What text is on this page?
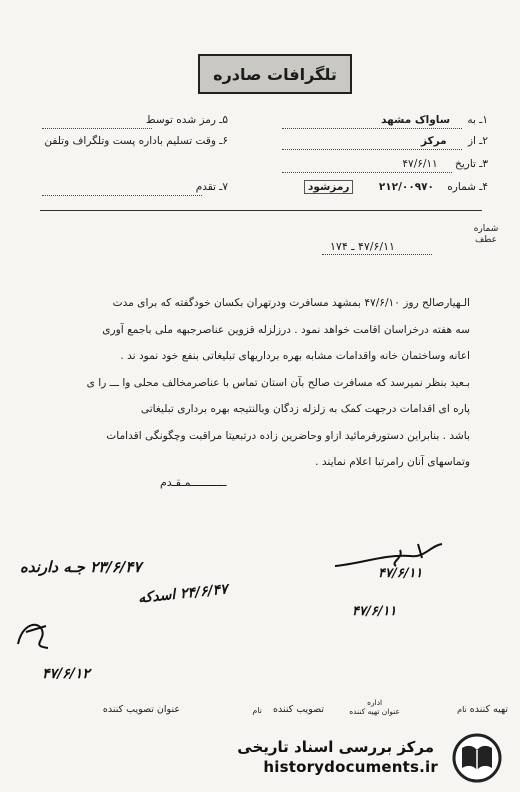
تلگرافات صادره
۱ـ به ساواک مشهد
۲ـ از مرکز
۳ـ تاریخ ۴۷/۶/۱۱
۴ـ شماره ۲۱۲/۰۰۹۷۰
۵ـ رمز شده توسط
۶ـ وقت تسلیم باداره پست وتلگراف وتلفن
۷ـ تقدم	رمزشود
شماره عطف
۴۷/۶/۱۱ ـ ۱۷۴
الـهیارصالح روز ۴۷/۶/۱۰ بمشهد مسافرت ودرتهران بکسان خودگفته که برای مدت
سه هفته درخراسان اقامت خواهد نمود . درزلزله قزوین عناصرجبهه ملی باجمع آوری
اعانه وساختمان خانه واقدامات مشابه بهره برداریهای تبلیغاتی بنفع خود نمود ند .
بـعید بنظر نمیرسد که مسافرت صالح بآن استان تماس با عناصرمخالف محلی وا ـــ را ی
پاره ای اقدامات درجهت کمک به زلزله زدگان وبالنتیجه بهره برداری تبلیغاتی
باشد . بنابراین دستورفرمائید ازاو وحاضرین زاده درتبعیتا مراقبت وچگونگی اقدامات
وتماسهای آنان رامرتبا اعلام نمایند .
ـــــــــــمـقـدم
۴۷/۶/۱۱
۴۷/۶/۱۱
۲۳/۶/۴۷ جـه دارنده
۲۴/۶/۴۷ اسدکه
۴۷/۶/۱۲
تهیه کننده نام
اداره
عنوان تهیه کننده
تصویب کننده
نام
عنوان تصویب کننده
مرکز بررسی اسناد تاریخی
historydocuments.ir
